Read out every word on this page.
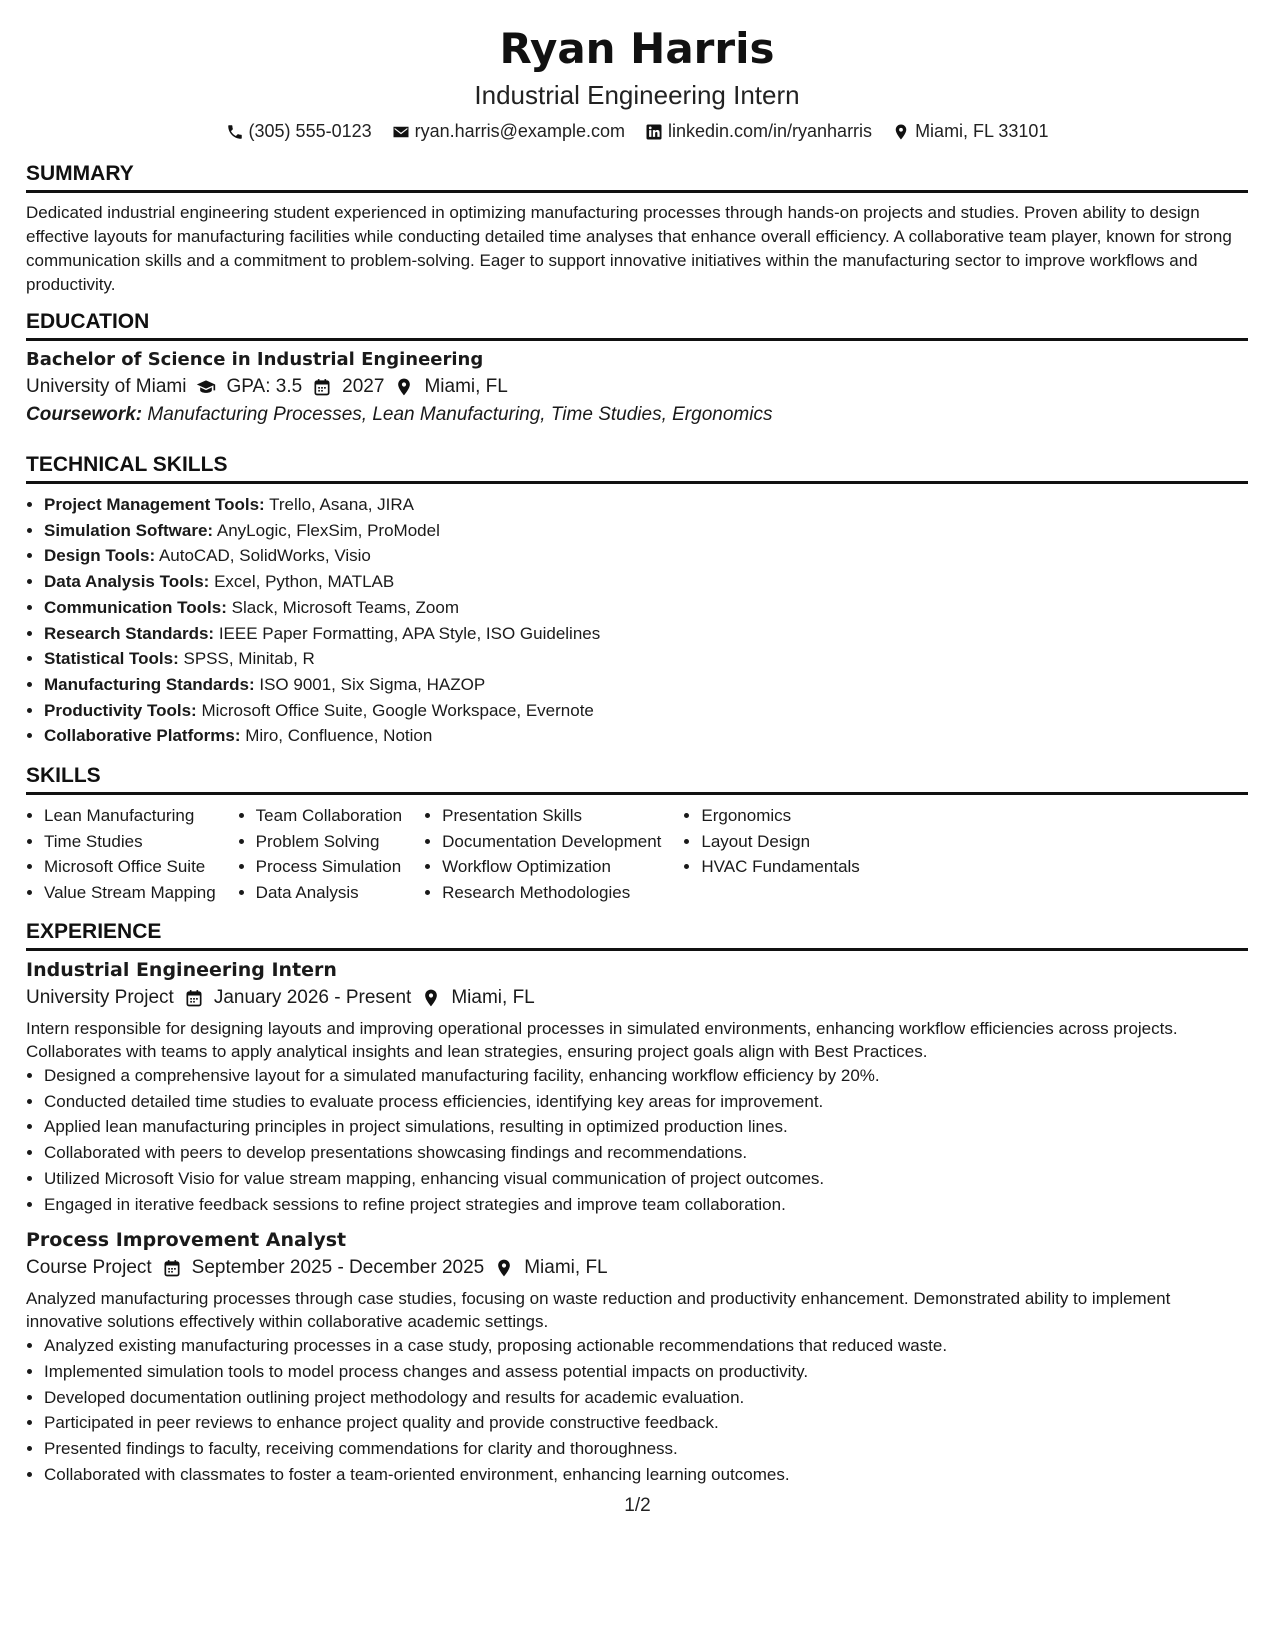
Ryan Harris
Industrial Engineering Intern
(305) 555-0123 ryan.harris@example.com linkedin.com/in/ryanharris Miami, FL 33101
SUMMARY

Dedicated industrial engineering student experienced in optimizing manufacturing processes through hands-on projects and studies. Proven ability to design effective layouts for manufacturing facilities while conducting detailed time analyses that enhance overall efficiency. A collaborative team player, known for strong communication skills and a commitment to problem-solving. Eager to support innovative initiatives within the manufacturing sector to improve workflows and productivity.

EDUCATION
Bachelor of Science in Industrial Engineering
University of Miami GPA: 3.5 2027 Miami, FL

Coursework: Manufacturing Processes, Lean Manufacturing, Time Studies, Ergonomics

TECHNICAL SKILLS
• Project Management Tools: Trello, Asana, JIRA
• Simulation Software: AnyLogic, FlexSim, ProModel
• Design Tools: AutoCAD, SolidWorks, Visio
• Data Analysis Tools: Excel, Python, MATLAB
• Communication Tools: Slack, Microsoft Teams, Zoom
• Research Standards: IEEE Paper Formatting, APA Style, ISO Guidelines
• Statistical Tools: SPSS, Minitab, R
• Manufacturing Standards: ISO 9001, Six Sigma, HAZOP
• Productivity Tools: Microsoft Office Suite, Google Workspace, Evernote
• Collaborative Platforms: Miro, Confluence, Notion
SKILLS
• Lean Manufacturing
• Time Studies
• Microsoft Office Suite
• Value Stream Mapping
• Team Collaboration
• Problem Solving
• Process Simulation
• Data Analysis
• Presentation Skills
• Documentation Development
• Workflow Optimization
• Research Methodologies
• Ergonomics
• Layout Design
• HVAC Fundamentals
EXPERIENCE
Industrial Engineering Intern
University Project January 2026 - Present Miami, FL

Intern responsible for designing layouts and improving operational processes in simulated environments, enhancing workflow efficiencies across projects. Collaborates with teams to apply analytical insights and lean strategies, ensuring project goals align with Best Practices.

• Designed a comprehensive layout for a simulated manufacturing facility, enhancing workflow efficiency by 20%.
• Conducted detailed time studies to evaluate process efficiencies, identifying key areas for improvement.
• Applied lean manufacturing principles in project simulations, resulting in optimized production lines.
• Collaborated with peers to develop presentations showcasing findings and recommendations.
• Utilized Microsoft Visio for value stream mapping, enhancing visual communication of project outcomes.
• Engaged in iterative feedback sessions to refine project strategies and improve team collaboration.
Process Improvement Analyst
Course Project September 2025 - December 2025 Miami, FL

Analyzed manufacturing processes through case studies, focusing on waste reduction and productivity enhancement. Demonstrated ability to implement innovative solutions effectively within collaborative academic settings.

• Analyzed existing manufacturing processes in a case study, proposing actionable recommendations that reduced waste.
• Implemented simulation tools to model process changes and assess potential impacts on productivity.
• Developed documentation outlining project methodology and results for academic evaluation.
• Participated in peer reviews to enhance project quality and provide constructive feedback.
• Presented findings to faculty, receiving commendations for clarity and thoroughness.
• Collaborated with classmates to foster a team-oriented environment, enhancing learning outcomes.
1/2
